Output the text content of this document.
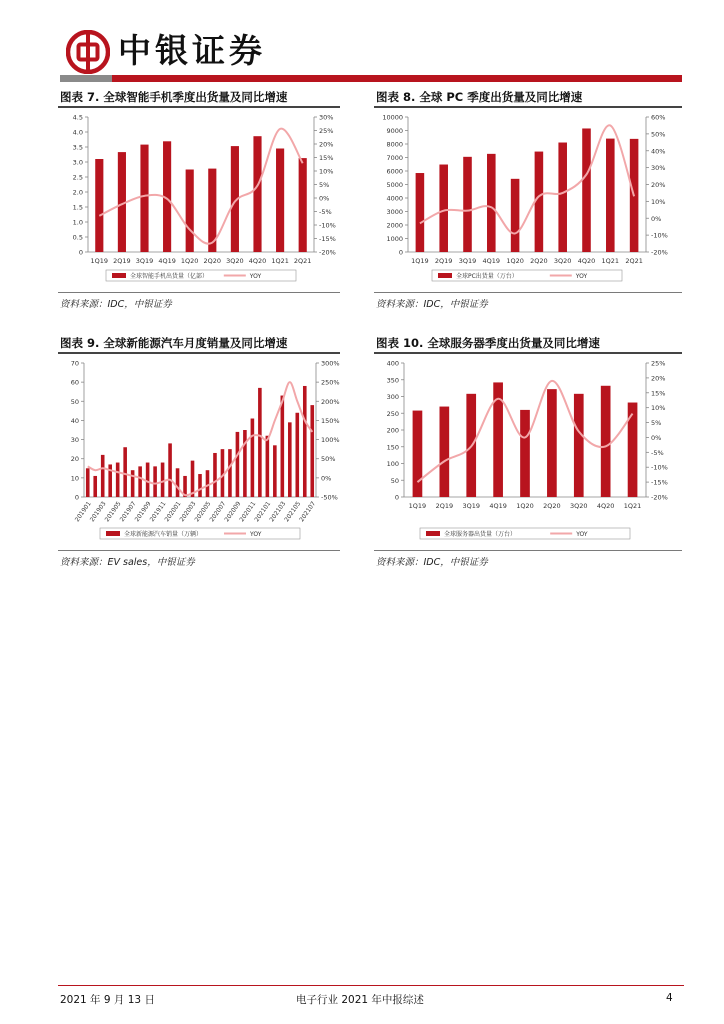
中银证券
图表 7. 全球智能手机季度出货量及同比增速
0
0.5
1.0
1.5
2.0
2.5
3.0
3.5
4.0
4.5
-20%
-15%
-10%
-5%
0%
5%
10%
15%
20%
25%
30%
1Q19 2Q19 3Q19 4Q19 1Q20 2Q20 3Q20 4Q20 1Q21 2Q21
全球智能手机出货量（亿部）	YOY
资料来源：IDC，中银证券
图表 8. 全球 PC 季度出货量及同比增速
0
1000
2000
3000
4000
5000
6000
7000
8000
9000
10000
-20%
-10%
0%
10%
20%
30%
40%
50%
60%
1Q19 2Q19 3Q19 4Q19 1Q20 2Q20 3Q20 4Q20 1Q21 2Q21
全球PC出货量（万台）	YOY
资料来源：IDC，中银证券
图表 9. 全球新能源汽车月度销量及同比增速
0
10
20
30
40
50
60
70
-50%
0%
50%
100%
150%
200%
250%
300%
201901
201903
201905
201907
201909
201911
202001
202003
202005
202007
202009
202011
202101
202103
202105
202107
全球新能源汽车销量（万辆）	YOY
资料来源：EV sales，中银证券
图表 10. 全球服务器季度出货量及同比增速
0
50
100
150
200
250
300
350
400
-20%
-15%
-10%
-5%
0%
5%
10%
15%
20%
25%
1Q19 2Q19 3Q19 4Q19 1Q20 2Q20 3Q20 4Q20 1Q21
全球服务器出货量（万台）	YOY
资料来源：IDC，中银证券
2021 年 9 月 13 日	电子行业 2021 年中报综述	4
